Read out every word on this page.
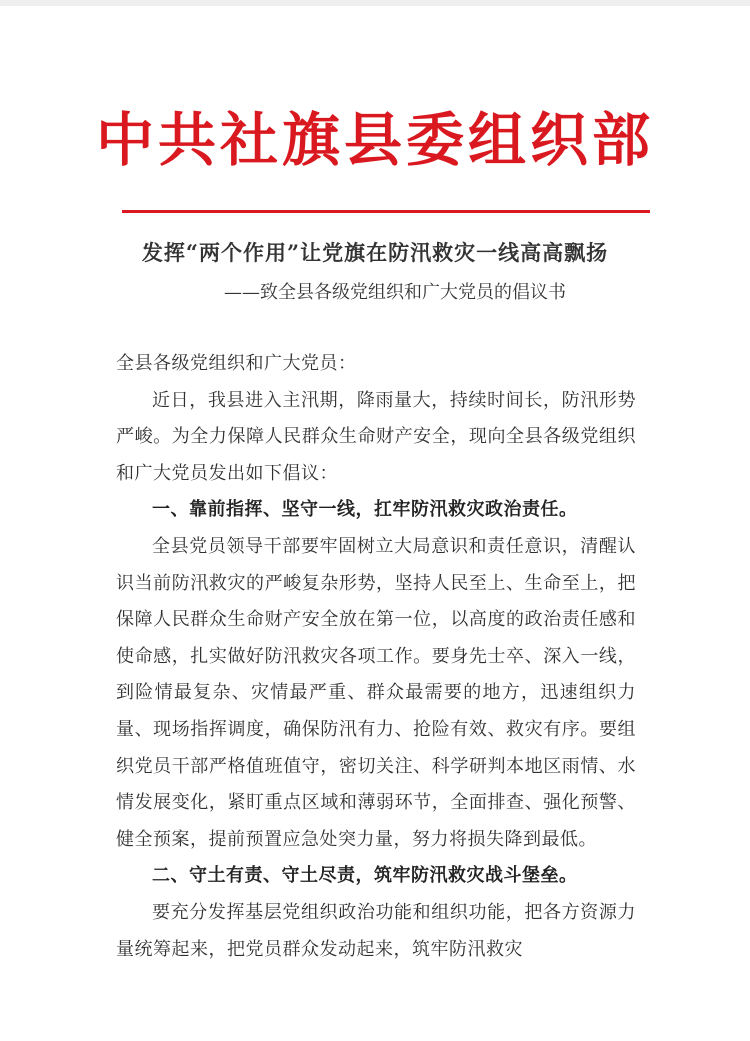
中共社旗县委组织部
发挥“两个作用”让党旗在防汛救灾一线高高飘扬
——致全县各级党组织和广大党员的倡议书

全县各级党组织和广大党员：

近日，我县进入主汛期，降雨量大，持续时间长，防汛形势严峻。为全力保障人民群众生命财产安全，现向全县各级党组织和广大党员发出如下倡议：

一、靠前指挥、坚守一线，扛牢防汛救灾政治责任。

全县党员领导干部要牢固树立大局意识和责任意识，清醒认识当前防汛救灾的严峻复杂形势，坚持人民至上、生命至上，把保障人民群众生命财产安全放在第一位，以高度的政治责任感和使命感，扎实做好防汛救灾各项工作。要身先士卒、深入一线，到险情最复杂、灾情最严重、群众最需要的地方，迅速组织力量、现场指挥调度，确保防汛有力、抢险有效、救灾有序。要组织党员干部严格值班值守，密切关注、科学研判本地区雨情、水情发展变化，紧盯重点区域和薄弱环节，全面排查、强化预警、健全预案，提前预置应急处突力量，努力将损失降到最低。

二、守土有责、守土尽责，筑牢防汛救灾战斗堡垒。

要充分发挥基层党组织政治功能和组织功能，把各方资源力量统筹起来，把党员群众发动起来，筑牢防汛救灾
